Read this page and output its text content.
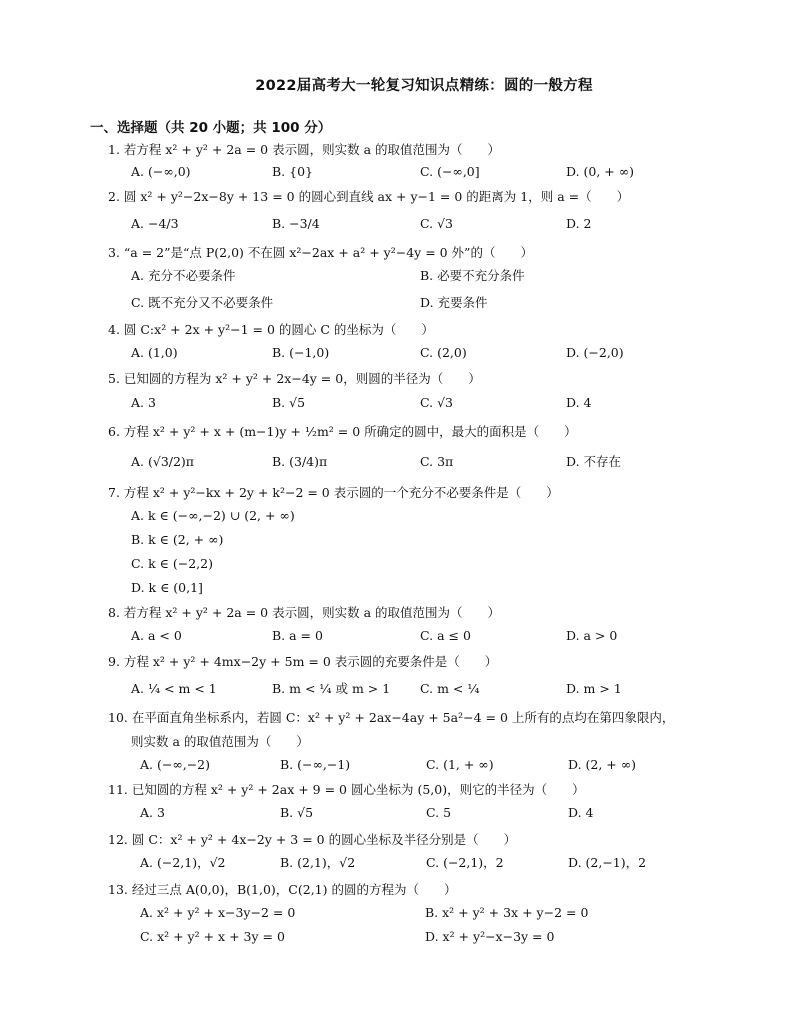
2022届高考大一轮复习知识点精练：圆的一般方程
一、选择题（共 20 小题；共 100 分）
1. 若方程 x² + y² + 2a = 0 表示圆，则实数 a 的取值范围为（　　）
A. (−∞,0)	B. {0}	C. (−∞,0]	D. (0, + ∞)
2. 圆 x² + y²−2x−8y + 13 = 0 的圆心到直线 ax + y−1 = 0 的距离为 1，则 a =（　　）
A. −4/3	B. −3/4	C. √3	D. 2
3. “a = 2”是“点 P(2,0) 不在圆 x²−2ax + a² + y²−4y = 0 外”的（　　）
A. 充分不必要条件	B. 必要不充分条件
C. 既不充分又不必要条件	D. 充要条件
4. 圆 C:x² + 2x + y²−1 = 0 的圆心 C 的坐标为（　　）
A. (1,0)	B. (−1,0)	C. (2,0)	D. (−2,0)
5. 已知圆的方程为 x² + y² + 2x−4y = 0，则圆的半径为（　　）
A. 3	B. √5	C. √3	D. 4
6. 方程 x² + y² + x + (m−1)y + ½m² = 0 所确定的圆中，最大的面积是（　　）
A. (√3/2)π	B. (3/4)π	C. 3π	D. 不存在
7. 方程 x² + y²−kx + 2y + k²−2 = 0 表示圆的一个充分不必要条件是（　　）
A. k ∈ (−∞,−2) ∪ (2, + ∞)
B. k ∈ (2, + ∞)
C. k ∈ (−2,2)
D. k ∈ (0,1]
8. 若方程 x² + y² + 2a = 0 表示圆，则实数 a 的取值范围为（　　）
A. a < 0	B. a = 0	C. a ≤ 0	D. a > 0
9. 方程 x² + y² + 4mx−2y + 5m = 0 表示圆的充要条件是（　　）
A. ¼ < m < 1	B. m < ¼ 或 m > 1 C. m < ¼	D. m > 1
10. 在平面直角坐标系内，若圆 C：x² + y² + 2ax−4ay + 5a²−4 = 0 上所有的点均在第四象限内，
则实数 a 的取值范围为（　　）
A. (−∞,−2)	B. (−∞,−1)	C. (1, + ∞)	D. (2, + ∞)
11. 已知圆的方程 x² + y² + 2ax + 9 = 0 圆心坐标为 (5,0)，则它的半径为（　　）
A. 3	B. √5	C. 5	D. 4
12. 圆 C：x² + y² + 4x−2y + 3 = 0 的圆心坐标及半径分别是（　　）
A. (−2,1)，√2	B. (2,1)，√2	C. (−2,1)，2	D. (2,−1)，2
13. 经过三点 A(0,0)，B(1,0)，C(2,1) 的圆的方程为（　　）
A. x² + y² + x−3y−2 = 0	B. x² + y² + 3x + y−2 = 0
C. x² + y² + x + 3y = 0	D. x² + y²−x−3y = 0
